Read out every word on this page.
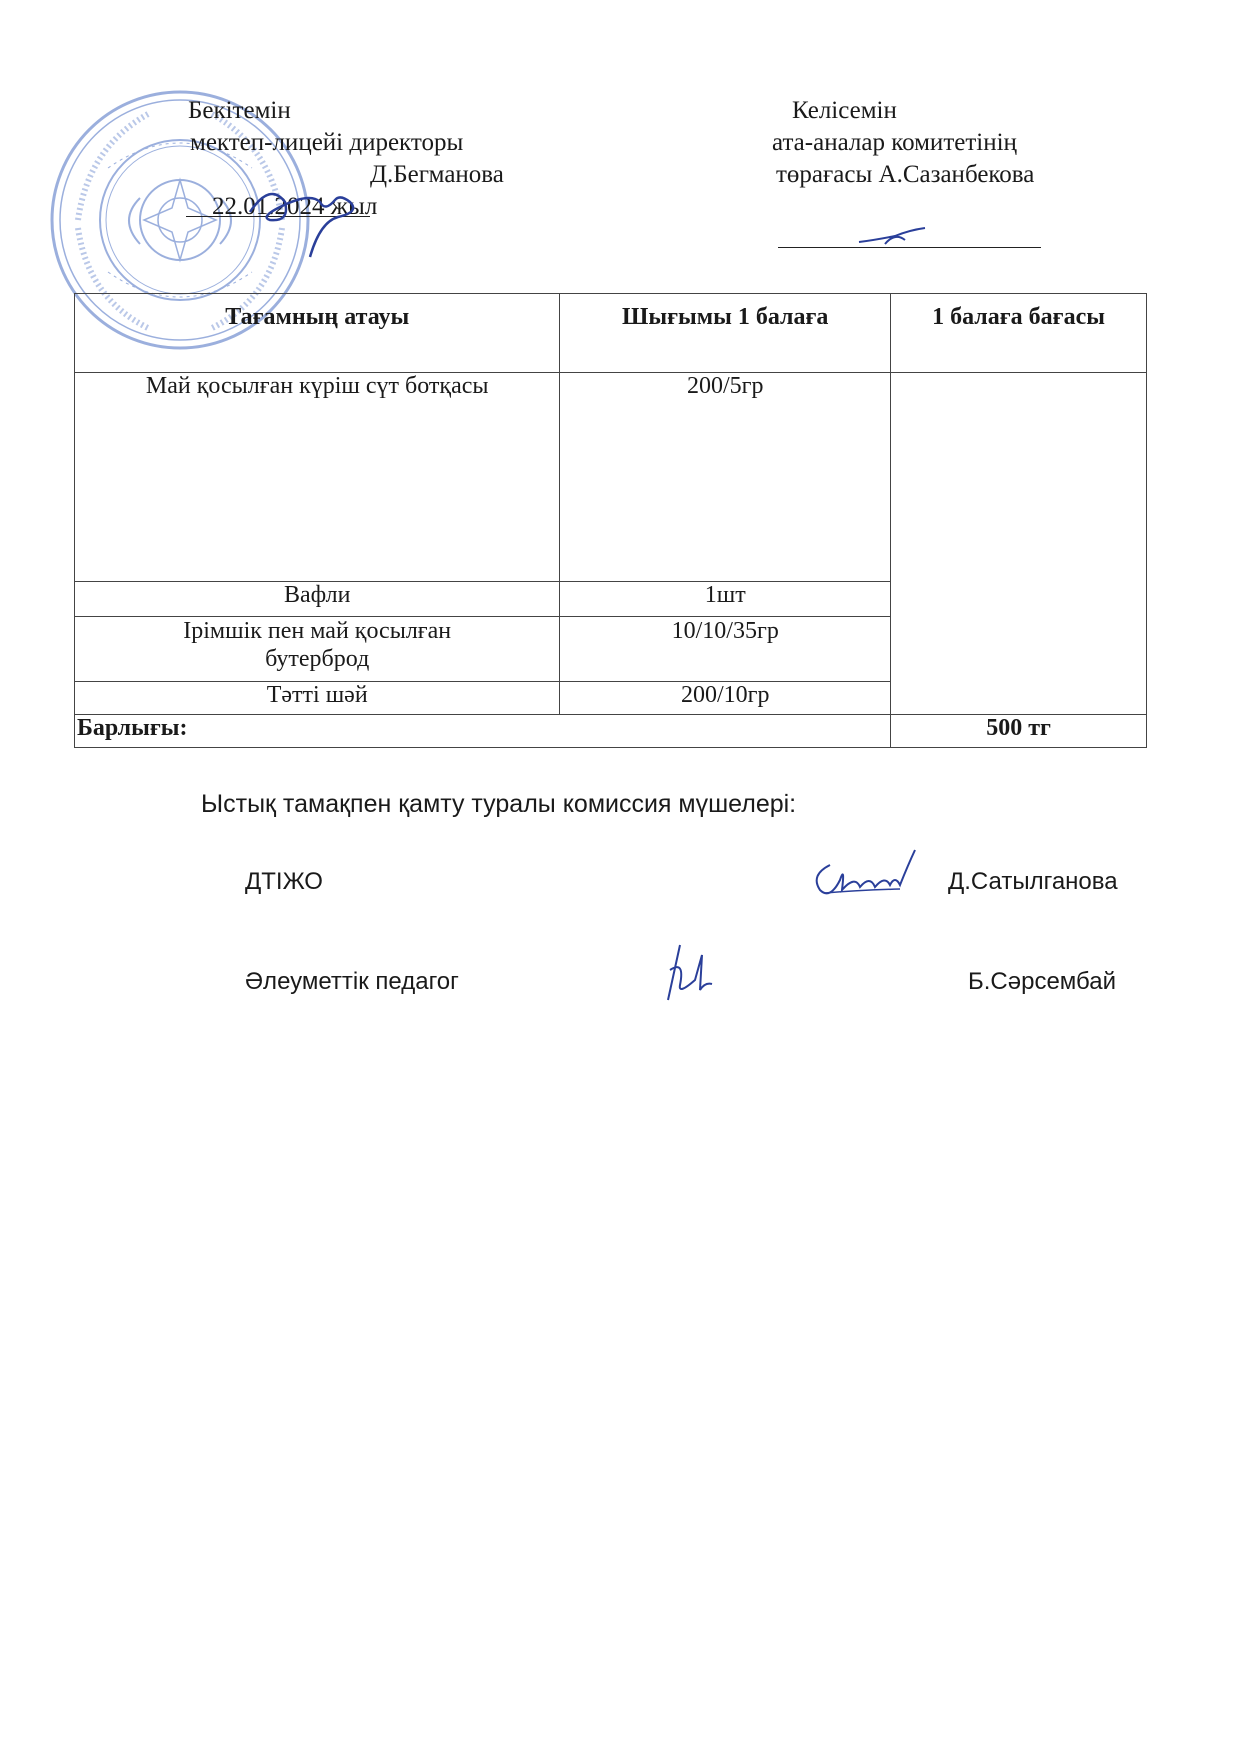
Бекітемін
мектеп-лицейі директоры
Д.Бегманова
22.01.2024 жыл
Келісемін
ата-аналар комитетінің
төрағасы А.Сазанбекова
Тағамның атауы	Шығымы 1 балаға	1 балаға бағасы
Май қосылған күріш сүт ботқасы	200/5гр	
Вафли	1шт	
Ірімшік пен май қосылған бутерброд	10/10/35гр	
Тәтті шәй	200/10гр	
Барлығы:		500 тг
Ыстық тамақпен қамту туралы комиссия мүшелері:
ДТІЖО	Д.Сатылганова
Әлеуметтік педагог	Б.Сәрсембай
